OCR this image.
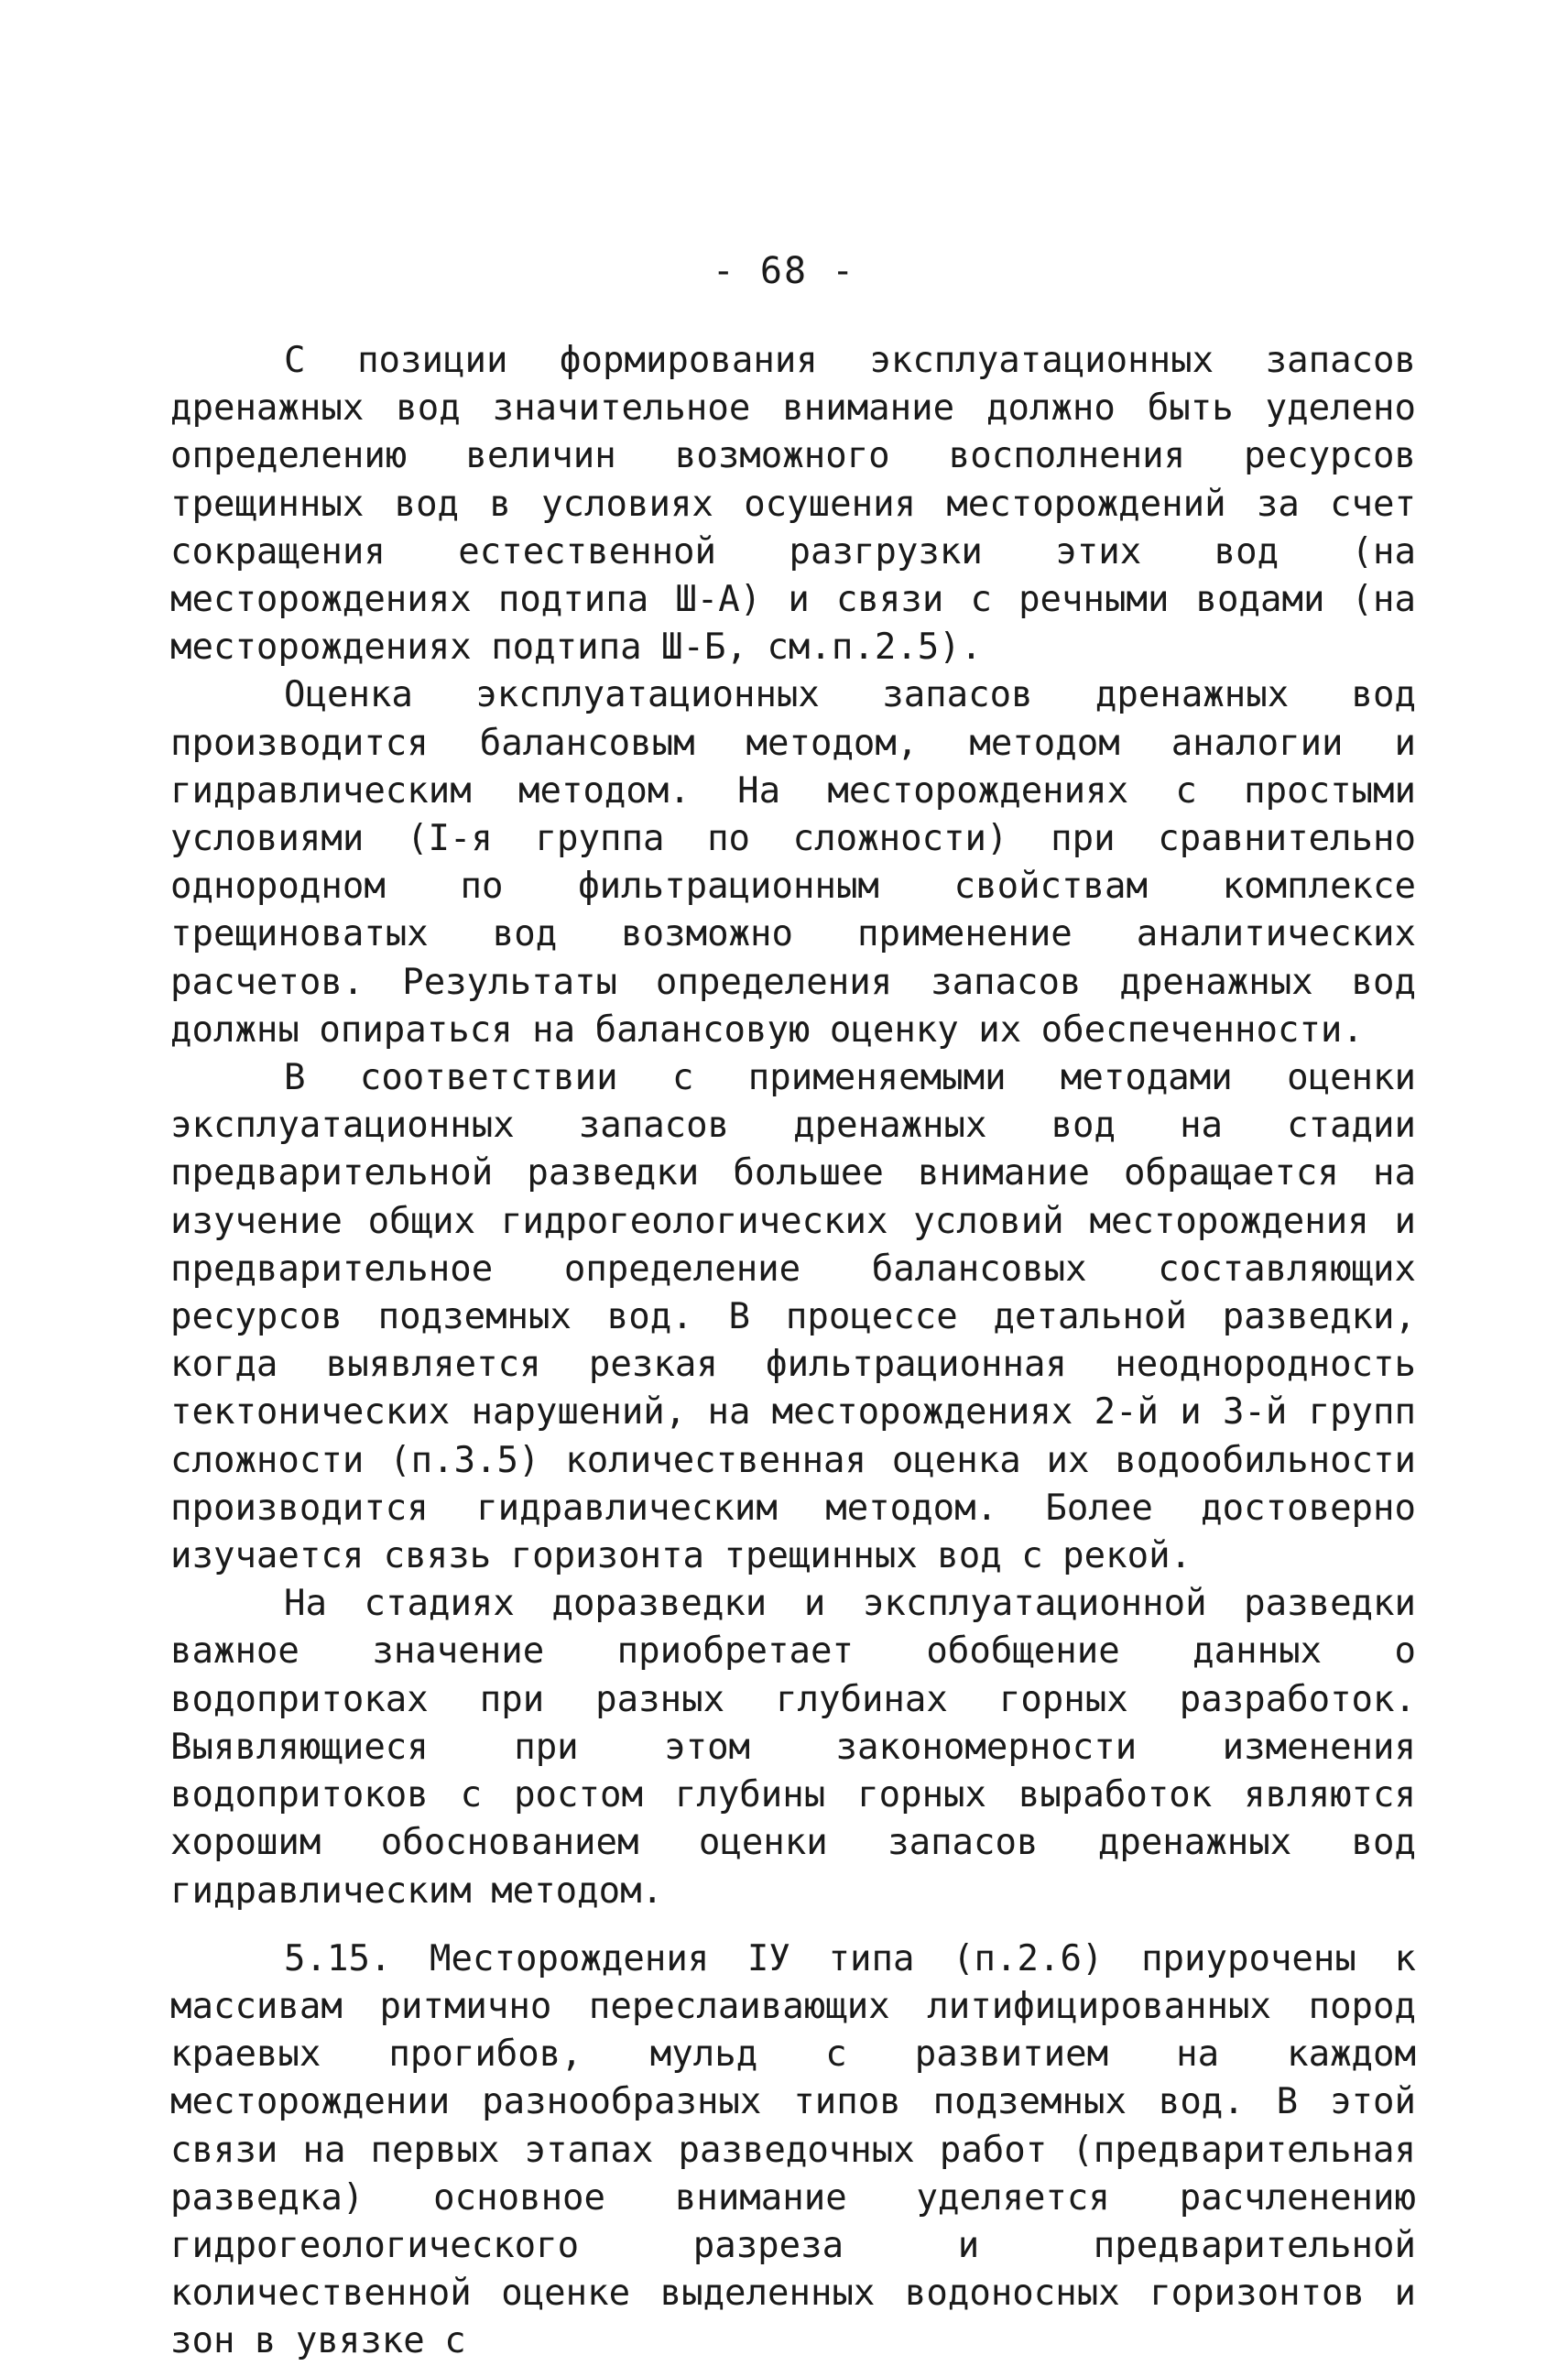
- 68 -

С позиции формирования эксплуатационных запасов дренажных вод значительное внимание должно быть уделено определению величин возможного восполнения ресурсов трещинных вод в условиях осушения месторождений за счет сокращения естественной разгрузки этих вод (на месторождениях подтипа Ш-А) и связи с речными водами (на месторождениях подтипа Ш-Б, см.п.2.5).

Оценка эксплуатационных запасов дренажных вод производится балансовым методом, методом аналогии и гидравлическим методом. На месторождениях с простыми условиями (I-я группа по сложности) при сравнительно однородном по фильтрационным свойствам комплексе трещиноватых вод возможно применение аналитических расчетов. Результаты определения запасов дренажных вод должны опираться на балансовую оценку их обеспеченности.

В соответствии с применяемыми методами оценки эксплуатационных запасов дренажных вод на стадии предварительной разведки большее внимание обращается на изучение общих гидрогеологических условий месторождения и предварительное определение балансовых составляющих ресурсов подземных вод. В процессе детальной разведки, когда выявляется резкая фильтрационная неоднородность тектонических нарушений, на месторождениях 2-й и 3-й групп сложности (п.3.5) количественная оценка их водообильности производится гидравлическим методом. Более достоверно изучается связь горизонта трещинных вод с рекой.

На стадиях доразведки и эксплуатационной разведки важное значение приобретает обобщение данных о водопритоках при разных глубинах горных разработок. Выявляющиеся при этом закономерности изменения водопритоков с ростом глубины горных выработок являются хорошим обоснованием оценки запасов дренажных вод гидравлическим методом.

5.15. Месторождения IУ типа (п.2.6) приурочены к массивам ритмично переслаивающих литифицированных пород краевых прогибов, мульд с развитием на каждом месторождении разнообразных типов подземных вод. В этой связи на первых этапах разведочных работ (предварительная разведка) основное внимание уделяется расчленению гидрогеологического разреза и предварительной количественной оценке выделенных водоносных горизонтов и зон в увязке с
